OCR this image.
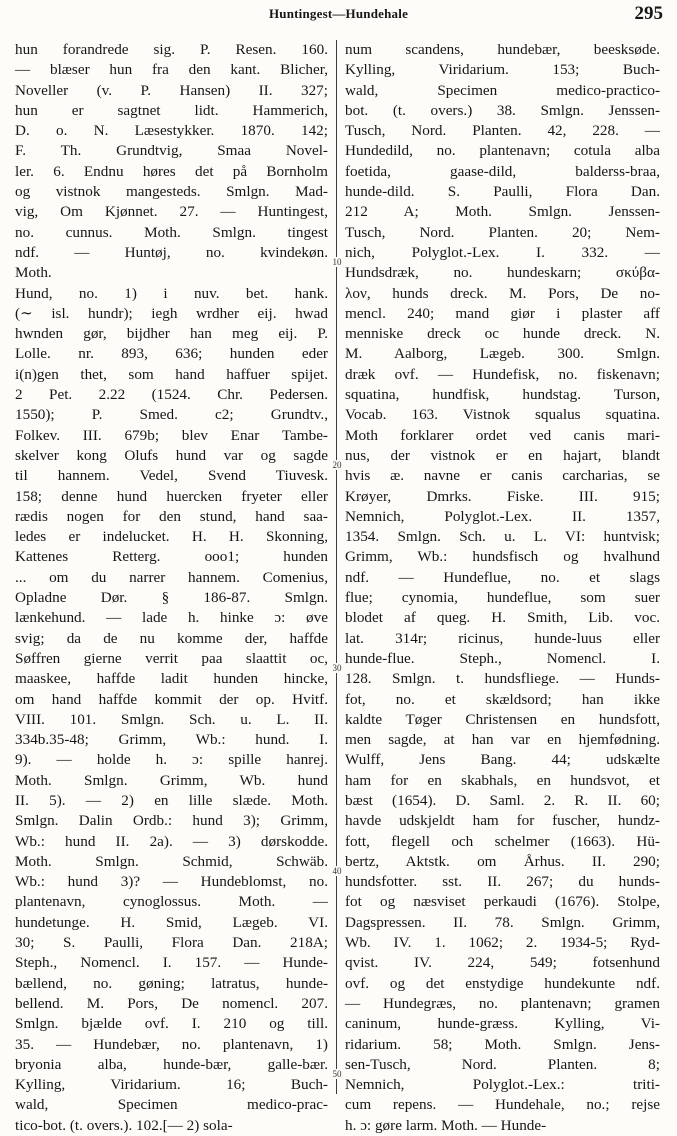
Huntingest—Hundehale	295
hun forandrede sig. P. Resen. 160.
— blæser hun fra den kant. Blicher,
Noveller (v. P. Hansen) II. 327;
hun er sagtnet lidt. Hammerich,
D. o. N. Læsestykker. 1870. 142;
F. Th. Grundtvig, Smaa Novel-
ler. 6. Endnu høres det på Bornholm
og vistnok mangesteds. Smlgn. Mad-
vig, Om Kjønnet. 27. — Huntingest,
no. cunnus. Moth. Smlgn. tingest
ndf. — Huntøj, no. kvindekøn.
Moth.
Hund, no. 1) i nuv. bet. hank.
(∼ isl. hundr); iegh wrdher eij. hwad
hwnden gør, bijdher han meg eij. P.
Lolle. nr. 893, 636; hunden eder
i(n)gen thet, som hand haffuer spijet.
2 Pet. 2.22 (1524. Chr. Pedersen.
1550); P. Smed. c2; Grundtv.,
Folkev. III. 679b; blev Enar Tambe-
skelver kong Olufs hund var og sagde
til hannem. Vedel, Svend Tiuvesk.
158; denne hund huercken fryeter eller
rædis nogen for den stund, hand saa-
ledes er indelucket. H. H. Skonning,
Kattenes Retterg. ooo1; hunden
... om du narrer hannem. Comenius,
Opladne Dør. § 186-87. Smlgn.
lænkehund. — lade h. hinke ɔ: øve
svig; da de nu komme der, haffde
Søffren gierne verrit paa slaattit oc,
maaskee, haffde ladit hunden hincke,
om hand haffde kommit der op. Hvitf.
VIII. 101. Smlgn. Sch. u. L. II.
334b.35-48; Grimm, Wb.: hund. I.
9). — holde h. ɔ: spille hanrej.
Moth. Smlgn. Grimm, Wb. hund
II. 5). — 2) en lille slæde. Moth.
Smlgn. Dalin Ordb.: hund 3); Grimm,
Wb.: hund II. 2a). — 3) dørskodde.
Moth. Smlgn. Schmid, Schwäb.
Wb.: hund 3)? — Hundeblomst, no.
plantenavn, cynoglossus. Moth. —
hundetunge. H. Smid, Lægeb. VI.
30; S. Paulli, Flora Dan. 218A;
Steph., Nomencl. I. 157. — Hunde-
bællend, no. gøning; latratus, hunde-
bellend. M. Pors, De nomencl. 207.
Smlgn. bjælde ovf. I. 210 og till.
35. — Hundebær, no. plantenavn, 1)
bryonia alba, hunde-bær, galle-bær.
Kylling, Viridarium. 16; Buch-
wald, Specimen medico-prac-
tico-bot. (t. overs.). 102.[— 2) sola-
num scandens, hundebær, beesksøde.
Kylling, Viridarium. 153; Buch-
wald, Specimen medico-practico-
bot. (t. overs.) 38. Smlgn. Jenssen-
Tusch, Nord. Planten. 42, 228. —
Hundedild, no. plantenavn; cotula alba
foetida, gaase-dild, balderss-braa,
hunde-dild. S. Paulli, Flora Dan.
212 A; Moth. Smlgn. Jenssen-
Tusch, Nord. Planten. 20; Nem-
nich, Polyglot.-Lex. I. 332. —
Hundsdræk, no. hundeskarn; σκύβα-
λον, hunds dreck. M. Pors, De no-
mencl. 240; mand giør i plaster aff
menniske dreck oc hunde dreck. N.
M. Aalborg, Lægeb. 300. Smlgn.
dræk ovf. — Hundefisk, no. fiskenavn;
squatina, hundfisk, hundstag. Turson,
Vocab. 163. Vistnok squalus squatina.
Moth forklarer ordet ved canis mari-
nus, der vistnok er en hajart, blandt
hvis æ. navne er canis carcharias, se
Krøyer, Dmrks. Fiske. III. 915;
Nemnich, Polyglot.-Lex. II. 1357,
1354. Smlgn. Sch. u. L. VI: huntvisk;
Grimm, Wb.: hundsfisch og hvalhund
ndf. — Hundeflue, no. et slags
flue; cynomia, hundeflue, som suer
blodet af queg. H. Smith, Lib. voc.
lat. 314r; ricinus, hunde-luus eller
hunde-flue. Steph., Nomencl. I.
128. Smlgn. t. hundsfliege. — Hunds-
fot, no. et skældsord; han ikke
kaldte Tøger Christensen en hundsfott,
men sagde, at han var en hjemfødning.
Wulff, Jens Bang. 44; udskælte
ham for en skabhals, en hundsvot, et
bæst (1654). D. Saml. 2. R. II. 60;
havde udskjeldt ham for fuscher, hundz-
fott, flegell och schelmer (1663). Hü-
bertz, Aktstk. om Århus. II. 290;
hundsfotter. sst. II. 267; du hunds-
fot og næsviset perkaudi (1676). Stolpe,
Dagspressen. II. 78. Smlgn. Grimm,
Wb. IV. 1. 1062; 2. 1934-5; Ryd-
qvist. IV. 224, 549; fotsenhund
ovf. og det enstydige hundekunte ndf.
— Hundegræs, no. plantenavn; gramen
caninum, hunde-græss. Kylling, Vi-
ridarium. 58; Moth. Smlgn. Jens-
sen-Tusch, Nord. Planten. 8;
Nemnich, Polyglot.-Lex.: triti-
cum repens. — Hundehale, no.; rejse
h. ɔ: gøre larm. Moth. — Hunde-
10
20
30
40
50
